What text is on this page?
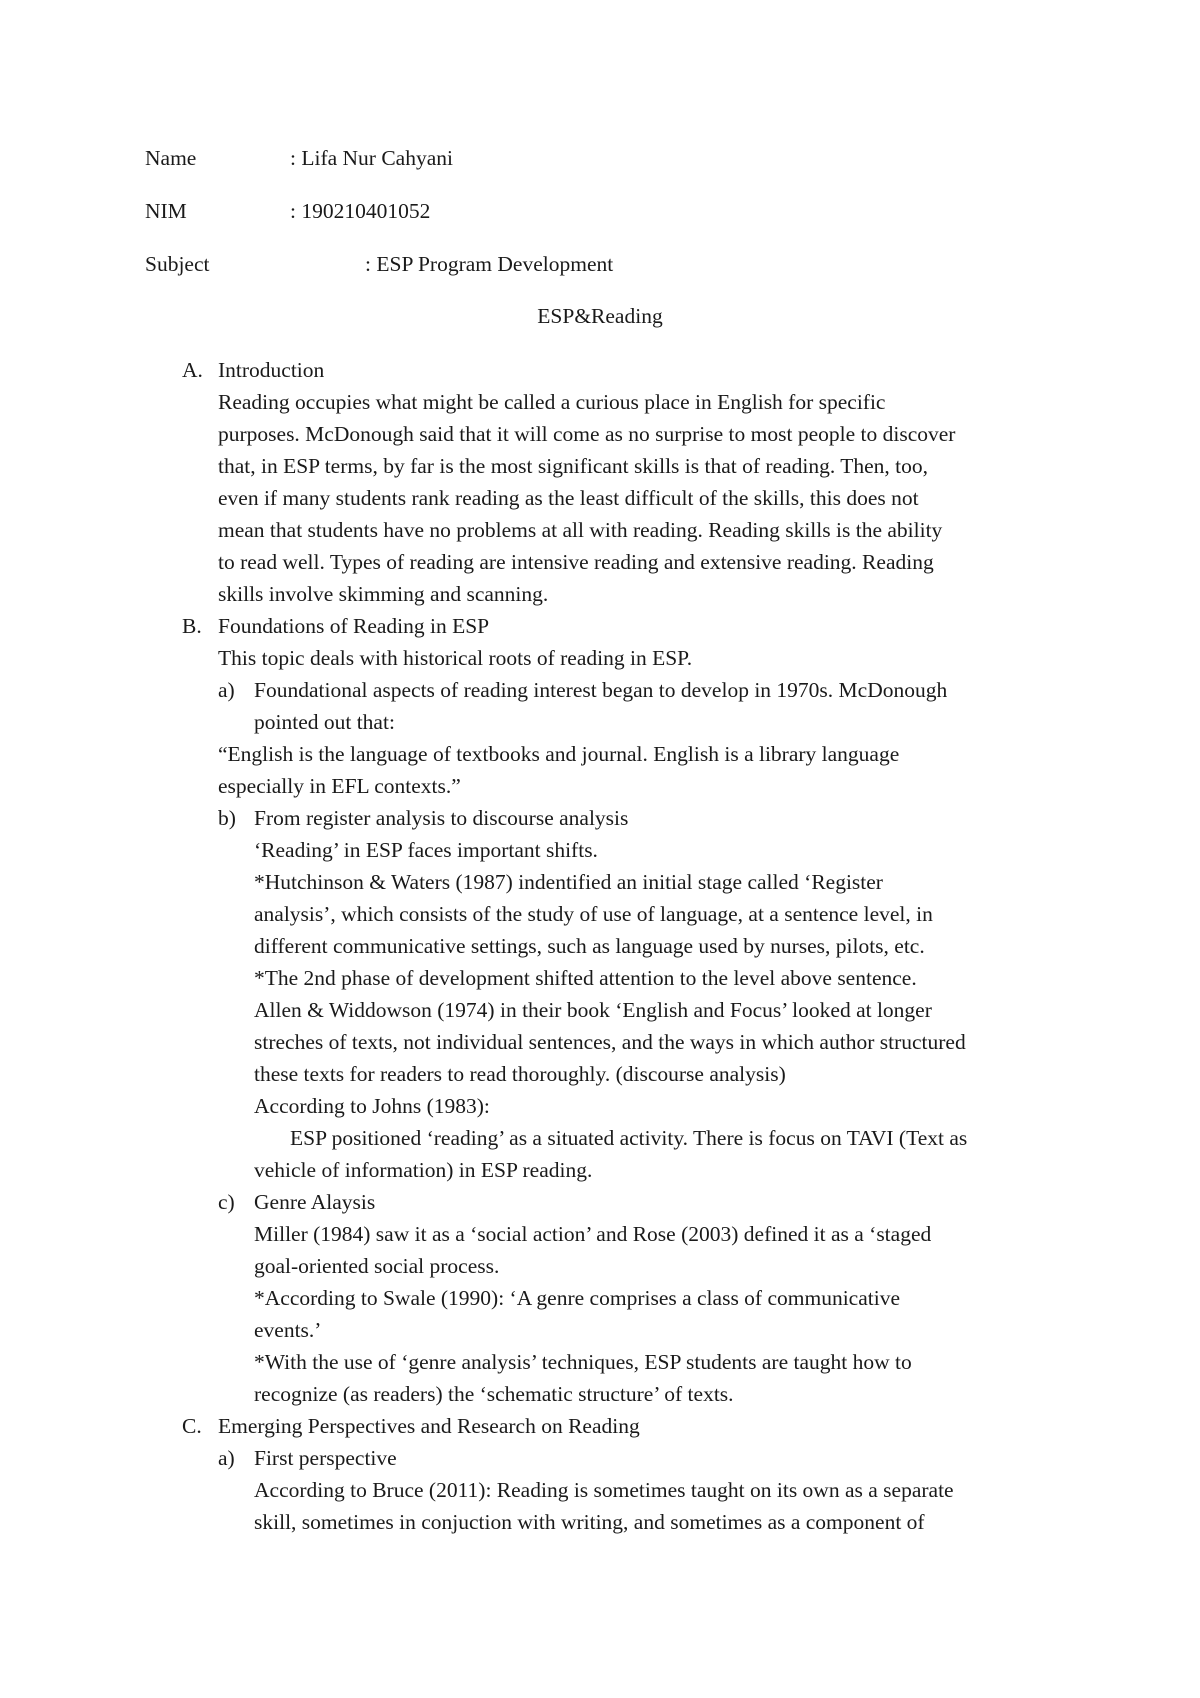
Name	: Lifa Nur Cahyani
NIM	: 190210401052
Subject	: ESP Program Development
ESP&Reading
A. Introduction
Reading occupies what might be called a curious place in English for specific
purposes. McDonough said that it will come as no surprise to most people to discover
that, in ESP terms, by far is the most significant skills is that of reading. Then, too,
even if many students rank reading as the least difficult of the skills, this does not
mean that students have no problems at all with reading. Reading skills is the ability
to read well. Types of reading are intensive reading and extensive reading. Reading
skills involve skimming and scanning.
B. Foundations of Reading in ESP
This topic deals with historical roots of reading in ESP.
a) Foundational aspects of reading interest began to develop in 1970s. McDonough
pointed out that:
“English is the language of textbooks and journal. English is a library language
especially in EFL contexts.”
b) From register analysis to discourse analysis
‘Reading’ in ESP faces important shifts.
*Hutchinson & Waters (1987) indentified an initial stage called ‘Register
analysis’, which consists of the study of use of language, at a sentence level, in
different communicative settings, such as language used by nurses, pilots, etc.
*The 2nd phase of development shifted attention to the level above sentence.
Allen & Widdowson (1974) in their book ‘English and Focus’ looked at longer
streches of texts, not individual sentences, and the ways in which author structured
these texts for readers to read thoroughly. (discourse analysis)
According to Johns (1983):
ESP positioned ‘reading’ as a situated activity. There is focus on TAVI (Text as
vehicle of information) in ESP reading.
c) Genre Alaysis
Miller (1984) saw it as a ‘social action’ and Rose (2003) defined it as a ‘staged
goal-oriented social process.
*According to Swale (1990): ‘A genre comprises a class of communicative
events.’
*With the use of ‘genre analysis’ techniques, ESP students are taught how to
recognize (as readers) the ‘schematic structure’ of texts.
C. Emerging Perspectives and Research on Reading
a) First perspective
According to Bruce (2011): Reading is sometimes taught on its own as a separate
skill, sometimes in conjuction with writing, and sometimes as a component of
